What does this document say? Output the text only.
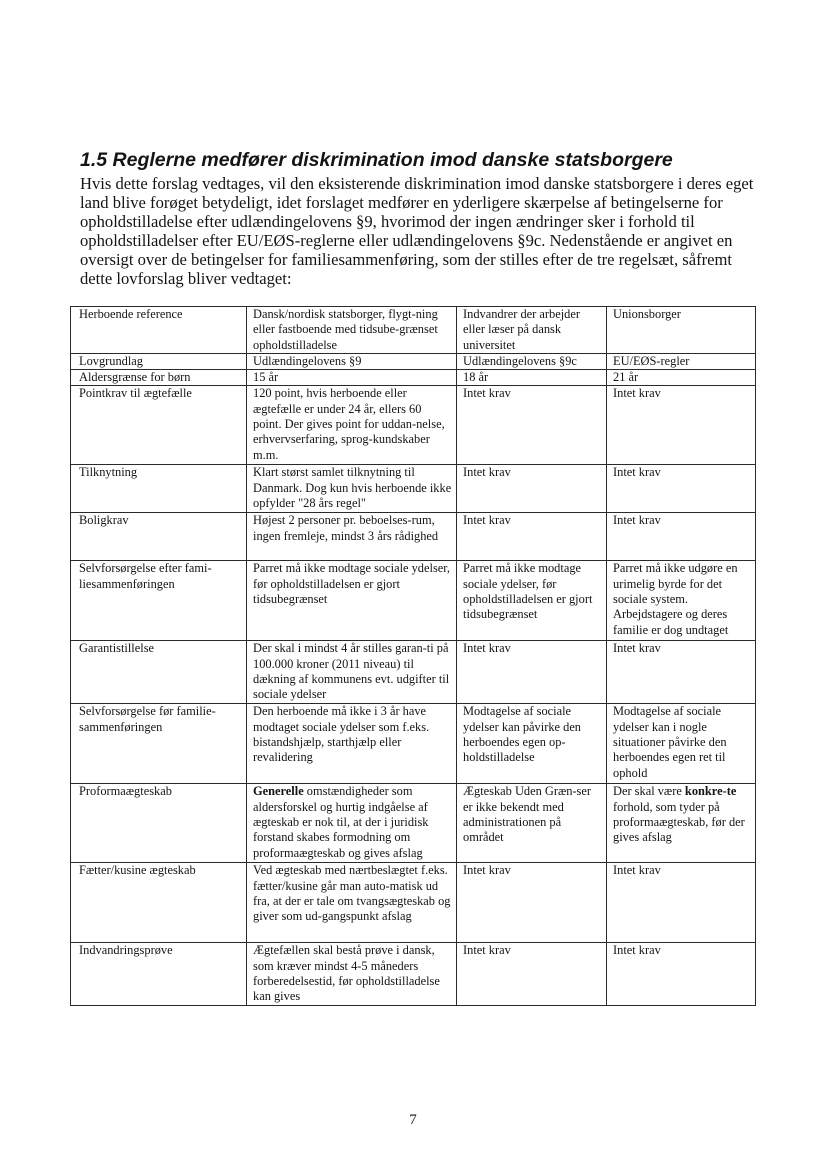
1.5 Reglerne medfører diskrimination imod danske statsborgere

Hvis dette forslag vedtages, vil den eksisterende diskrimination imod danske statsborgere i deres eget land blive forøget betydeligt, idet forslaget medfører en yderligere skærpelse af betingelserne for opholdstilladelse efter udlændingelovens §9, hvorimod der ingen ændringer sker i forhold til opholdstilladelser efter EU/EØS-reglerne eller udlændingelovens §9c. Nedenstående er angivet en oversigt over de betingelser for familiesammenføring, som der stilles efter de tre regelsæt, såfremt dette lovforslag bliver vedtaget:

Herboende reference	Dansk/nordisk statsborger, flygt-ning eller fastboende med tidsube-grænset opholdstilladelse	Indvandrer der arbejder eller læser på dansk universitet	Unionsborger
Lovgrundlag	Udlændingelovens §9	Udlændingelovens §9c	EU/EØS-regler
Aldersgrænse for børn	15 år	18 år	21 år
Pointkrav til ægtefælle	120 point, hvis herboende eller ægtefælle er under 24 år, ellers 60 point. Der gives point for uddan-nelse, erhvervserfaring, sprog-kundskaber m.m.	Intet krav	Intet krav
Tilknytning	Klart størst samlet tilknytning til Danmark. Dog kun hvis herboende ikke opfylder "28 års regel"	Intet krav	Intet krav
Boligkrav	Højest 2 personer pr. beboelses-rum, ingen fremleje, mindst 3 års rådighed	Intet krav	Intet krav
Selvforsørgelse efter fami-liesammenføringen	Parret må ikke modtage sociale ydelser, før opholdstilladelsen er gjort tidsubegrænset	Parret må ikke modtage sociale ydelser, før opholdstilladelsen er gjort tidsubegrænset	Parret må ikke udgøre en urimelig byrde for det sociale system. Arbejdstagere og deres familie er dog undtaget
Garantistillelse	Der skal i mindst 4 år stilles garan-ti på 100.000 kroner (2011 niveau) til dækning af kommunens evt. udgifter til sociale ydelser	Intet krav	Intet krav
Selvforsørgelse før familie-sammenføringen	Den herboende må ikke i 3 år have modtaget sociale ydelser som f.eks. bistandshjælp, starthjælp eller revalidering	Modtagelse af sociale ydelser kan påvirke den herboendes egen op-holdstilladelse	Modtagelse af sociale ydelser kan i nogle situationer påvirke den herboendes egen ret til ophold
Proformaægteskab	Generelle omstændigheder som aldersforskel og hurtig indgåelse af ægteskab er nok til, at der i juridisk forstand skabes formodning om proformaægteskab og gives afslag	Ægteskab Uden Græn-ser er ikke bekendt med administrationen på området	Der skal være konkre-te forhold, som tyder på proformaægteskab, før der gives afslag
Fætter/kusine ægteskab	Ved ægteskab med nærtbeslægtet f.eks. fætter/kusine går man auto-matisk ud fra, at der er tale om tvangsægteskab og giver som ud-gangspunkt afslag	Intet krav	Intet krav
Indvandringsprøve	Ægtefællen skal bestå prøve i dansk, som kræver mindst 4-5 måneders forberedelsestid, før opholdstilladelse kan gives	Intet krav	Intet krav

7
